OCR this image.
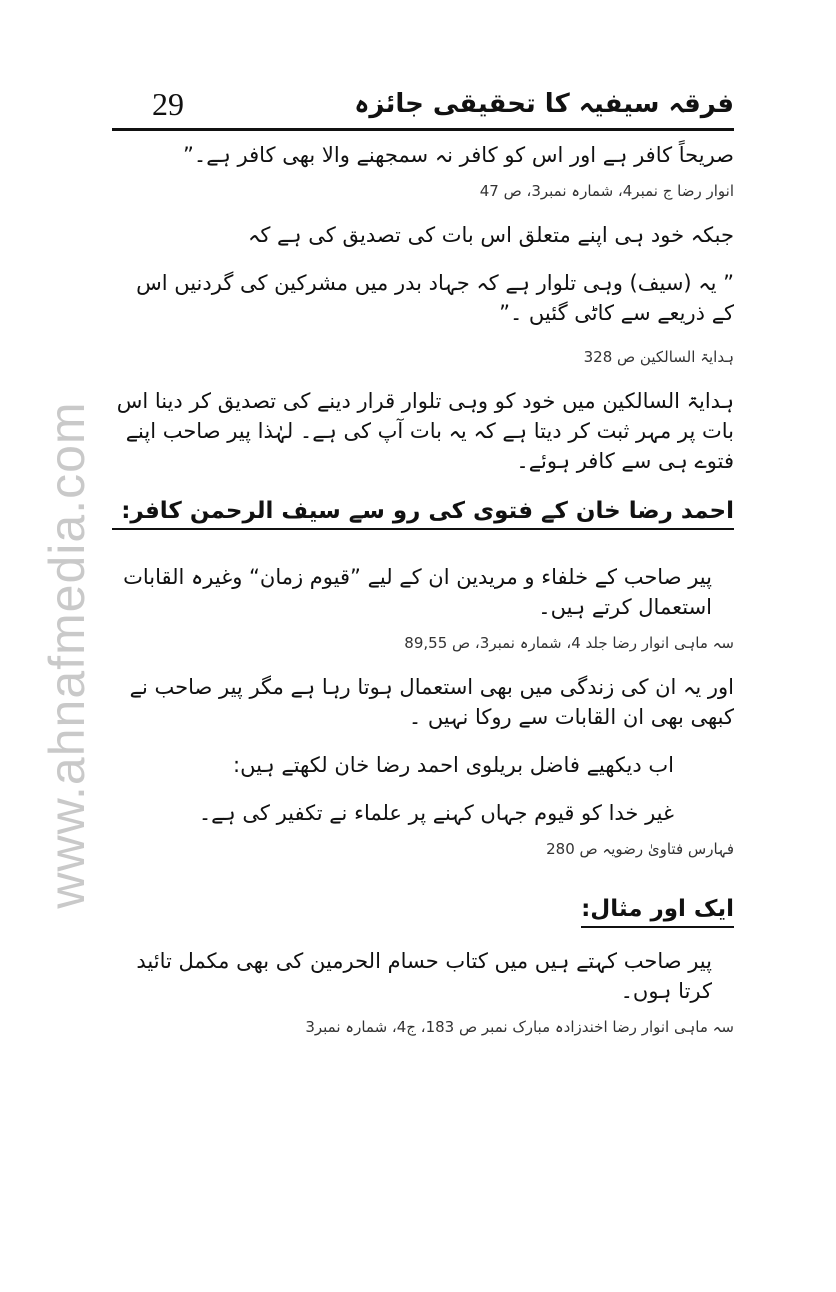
www.ahnafmedia.com
29	فرقہ سیفیہ کا تحقیقی جائزہ

صریحاً کافر ہے اور اس کو کافر نہ سمجھنے والا بھی کافر ہے۔”

انوار رضا ج نمبر4، شمارہ نمبر3، ص 47

جبکہ خود ہی اپنے متعلق اس بات کی تصدیق کی ہے کہ

” یہ (سیف) وہی تلوار ہے کہ جہاد بدر میں مشرکین کی گردنیں اس کے ذریعے سے کاٹی گئیں ۔”

ہدایۃ السالکین ص 328

ہدایۃ السالکین میں خود کو وہی تلوار قرار دینے کی تصدیق کر دینا اس بات پر مہر ثبت کر دیتا ہے کہ یہ بات آپ کی ہے۔ لہٰذا پیر صاحب اپنے فتوے ہی سے کافر ہوئے۔

احمد رضا خان کے فتوی کی رو سے سیف الرحمن کافر:

پیر صاحب کے خلفاء و مریدین ان کے لیے ”قیوم زمان“ وغیرہ القابات استعمال کرتے ہیں۔

سہ ماہی انوار رضا جلد 4، شمارہ نمبر3، ص 89,55

اور یہ ان کی زندگی میں بھی استعمال ہوتا رہا ہے مگر پیر صاحب نے کبھی بھی ان القابات سے روکا نہیں ۔

اب دیکھیے فاضل بریلوی احمد رضا خان لکھتے ہیں:

غیر خدا کو قیوم جہاں کہنے پر علماء نے تکفیر کی ہے۔

فہارس فتاویٰ رضویہ ص 280

ایک اور مثال:

پیر صاحب کہتے ہیں میں کتاب حسام الحرمین کی بھی مکمل تائید کرتا ہوں۔

سہ ماہی انوار رضا اخندزادہ مبارک نمبر ص 183، ج4، شمارہ نمبر3
